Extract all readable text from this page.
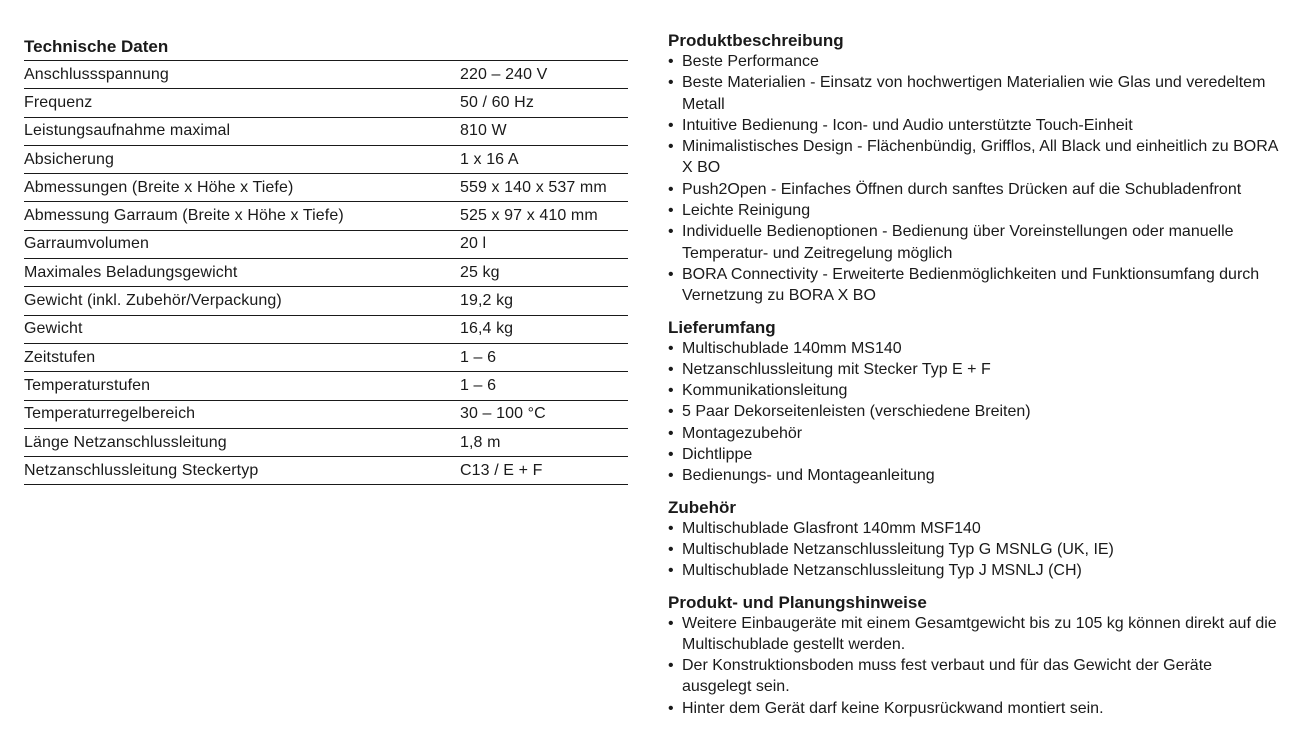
Technische Daten
Anschlussspannung	220 – 240 V
Frequenz	50 / 60 Hz
Leistungsaufnahme maximal	810 W
Absicherung	1 x 16 A
Abmessungen (Breite x Höhe x Tiefe)	559 x 140 x 537 mm
Abmessung Garraum (Breite x Höhe x Tiefe)	525 x 97 x 410 mm
Garraumvolumen	20 l
Maximales Beladungsgewicht	25 kg
Gewicht (inkl. Zubehör/Verpackung)	19,2 kg
Gewicht	16,4 kg
Zeitstufen	1 – 6
Temperaturstufen	1 – 6
Temperaturregelbereich	30 – 100 °C
Länge Netzanschlussleitung	1,8 m
Netzanschlussleitung Steckertyp	C13 / E + F
Produktbeschreibung
• Beste Performance
• Beste Materialien - Einsatz von hochwertigen Materialien wie Glas und veredeltem Metall
• Intuitive Bedienung - Icon- und Audio unterstützte Touch-Einheit
• Minimalistisches Design - Flächenbündig, Grifflos, All Black und einheitlich zu BORA X BO
• Push2Open - Einfaches Öffnen durch sanftes Drücken auf die Schubladenfront
• Leichte Reinigung
• Individuelle Bedienoptionen - Bedienung über Voreinstellungen oder manuelle Temperatur- und Zeitregelung möglich
• BORA Connectivity - Erweiterte Bedienmöglichkeiten und Funktionsumfang durch Vernetzung zu BORA X BO
Lieferumfang
• Multischublade 140mm MS140
• Netzanschlussleitung mit Stecker Typ E + F
• Kommunikationsleitung
• 5 Paar Dekorseitenleisten (verschiedene Breiten)
• Montagezubehör
• Dichtlippe
• Bedienungs- und Montageanleitung
Zubehör
• Multischublade Glasfront 140mm MSF140
• Multischublade Netzanschlussleitung Typ G MSNLG (UK, IE)
• Multischublade Netzanschlussleitung Typ J MSNLJ (CH)
Produkt- und Planungshinweise
• Weitere Einbaugeräte mit einem Gesamtgewicht bis zu 105 kg können direkt auf die Multischublade gestellt werden.
• Der Konstruktionsboden muss fest verbaut und für das Gewicht der Geräte ausgelegt sein.
• Hinter dem Gerät darf keine Korpusrückwand montiert sein.
